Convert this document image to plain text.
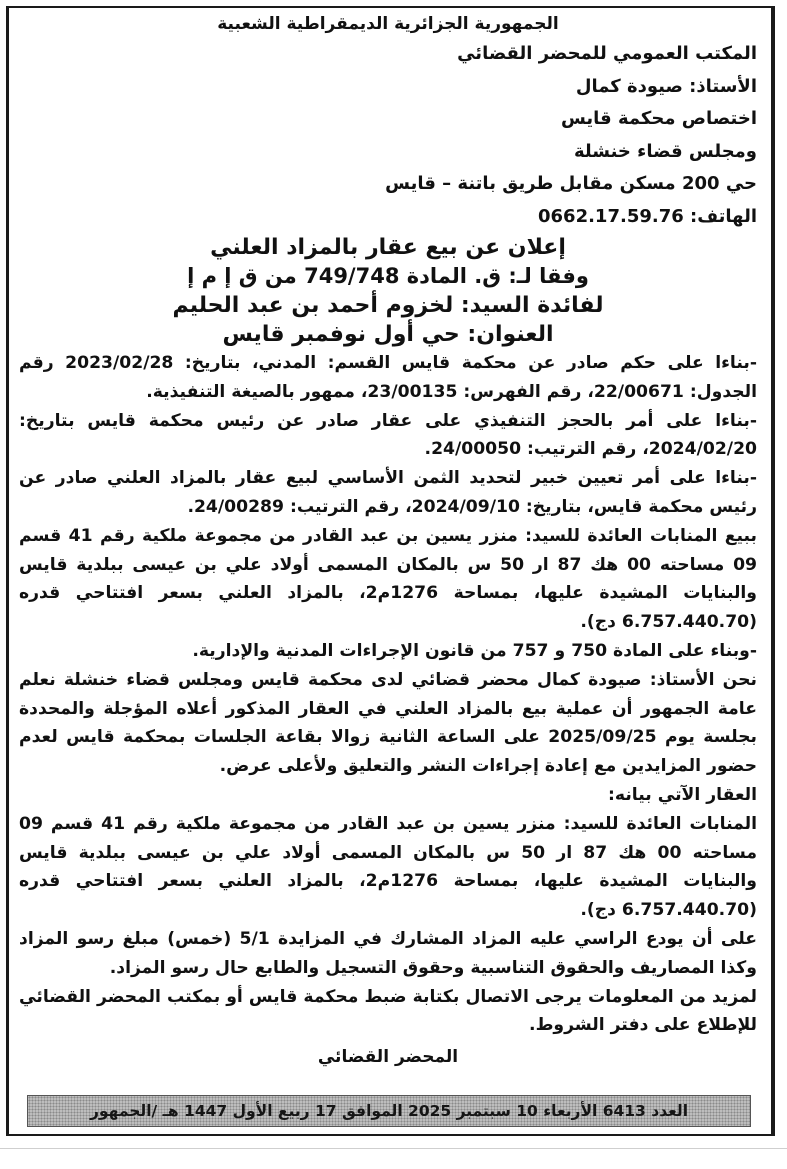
الجمهورية الجزائرية الديمقراطية الشعبية
المكتب العمومي للمحضر القضائي
الأستاذ: صيودة كمال
اختصاص محكمة قايس
ومجلس قضاء خنشلة
حي 200 مسكن مقابل طريق باتنة – قايس
الهاتف: 0662.17.59.76
إعلان عن بيع عقار بالمزاد العلني
وفقا لـ: ق. المادة 749/748 من ق إ م إ
لفائدة السيد: لخزوم أحمد بن عبد الحليم
العنوان: حي أول نوفمبر قايس

-بناءا على حكم صادر عن محكمة قايس القسم: المدني، بتاريخ: 2023/02/28 رقم الجدول: 22/00671، رقم الفهرس: 23/00135، ممهور بالصيغة التنفيذية.

-بناءا على أمر بالحجز التنفيذي على عقار صادر عن رئيس محكمة قايس بتاريخ: 2024/02/20، رقم الترتيب: 24/00050.

-بناءا على أمر تعيين خبير لتحديد الثمن الأساسي لبيع عقار بالمزاد العلني صادر عن رئيس محكمة قايس، بتاريخ: 2024/09/10، رقم الترتيب: 24/00289.

ببيع المنابات العائدة للسيد: منزر يسين بن عبد القادر من مجموعة ملكية رقم 41 قسم 09 مساحته 00 هك 87 ار 50 س بالمكان المسمى أولاد علي بن عيسى ببلدية قايس والبنايات المشيدة عليها، بمساحة 1276م2، بالمزاد العلني بسعر افتتاحي قدره (6.757.440.70 دج).

-وبناء على المادة 750 و 757 من قانون الإجراءات المدنية والإدارية.

نحن الأستاذ: صيودة كمال محضر قضائي لدى محكمة قايس ومجلس قضاء خنشلة نعلم عامة الجمهور أن عملية بيع بالمزاد العلني في العقار المذكور أعلاه المؤجلة والمحددة بجلسة يوم 2025/09/25 على الساعة الثانية زوالا بقاعة الجلسات بمحكمة قايس لعدم حضور المزايدين مع إعادة إجراءات النشر والتعليق ولأعلى عرض.

العقار الآتي بيانه:

المنابات العائدة للسيد: منزر يسين بن عبد القادر من مجموعة ملكية رقم 41 قسم 09 مساحته 00 هك 87 ار 50 س بالمكان المسمى أولاد علي بن عيسى ببلدية قايس والبنايات المشيدة عليها، بمساحة 1276م2، بالمزاد العلني بسعر افتتاحي قدره (6.757.440.70 دج).

على أن يودع الراسي عليه المزاد المشارك في المزايدة 5/1 (خمس) مبلغ رسو المزاد وكذا المصاريف والحقوق التناسبية وحقوق التسجيل والطابع حال رسو المزاد.

لمزيد من المعلومات يرجى الاتصال بكتابة ضبط محكمة قايس أو بمكتب المحضر القضائي للإطلاع على دفتر الشروط.

المحضر القضائي
العدد 6413 الأربعاء 10 سبتمبر 2025 الموافق 17 ربيع الأول 1447 هـ /الجمهور
